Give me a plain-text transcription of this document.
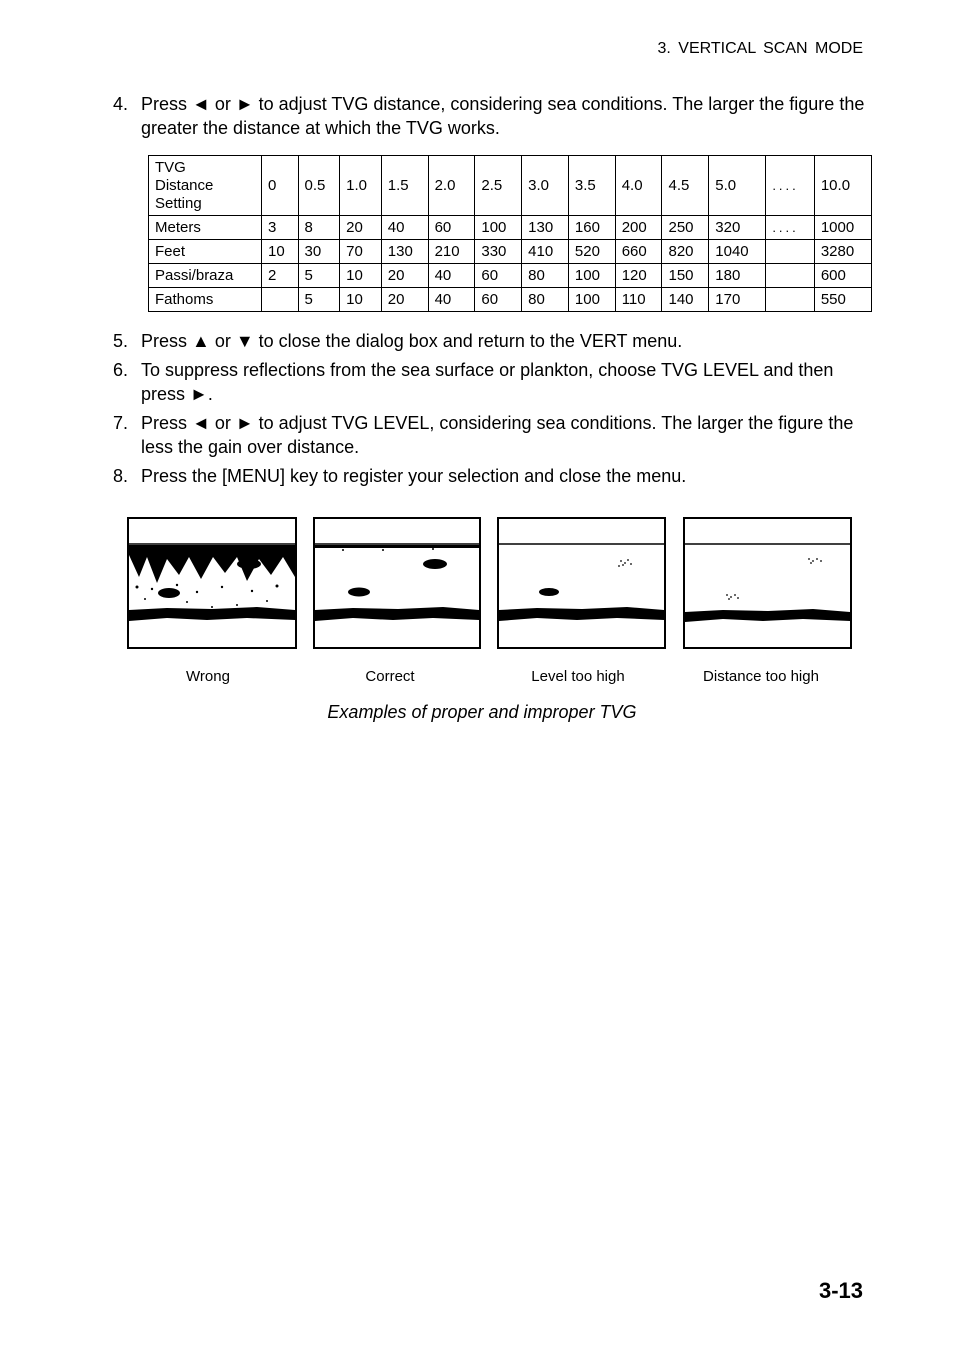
3. VERTICAL SCAN MODE
4. Press ◄ or ► to adjust TVG distance, considering sea conditions. The larger the figure the greater the distance at which the TVG works.
TVG
Distance
Setting	0	0.5	1.0	1.5	2.0	2.5	3.0	3.5	4.0	4.5	5.0	....	10.0
Meters	3	8	20	40	60	100	130	160	200	250	320	....	1000
Feet	10	30	70	130	210	330	410	520	660	820	1040		3280
Passi/braza	2	5	10	20	40	60	80	100	120	150	180		600
Fathoms		5	10	20	40	60	80	100	110	140	170		550
5. Press ▲ or ▼ to close the dialog box and return to the VERT menu.
6. To suppress reflections from the sea surface or plankton, choose TVG LEVEL and then press ►.
7. Press ◄ or ► to adjust TVG LEVEL, considering sea conditions. The larger the figure the less the gain over distance.
8. Press the [MENU] key to register your selection and close the menu.
Wrong	Correct	Level too high	Distance too high
Examples of proper and improper TVG
3-13
